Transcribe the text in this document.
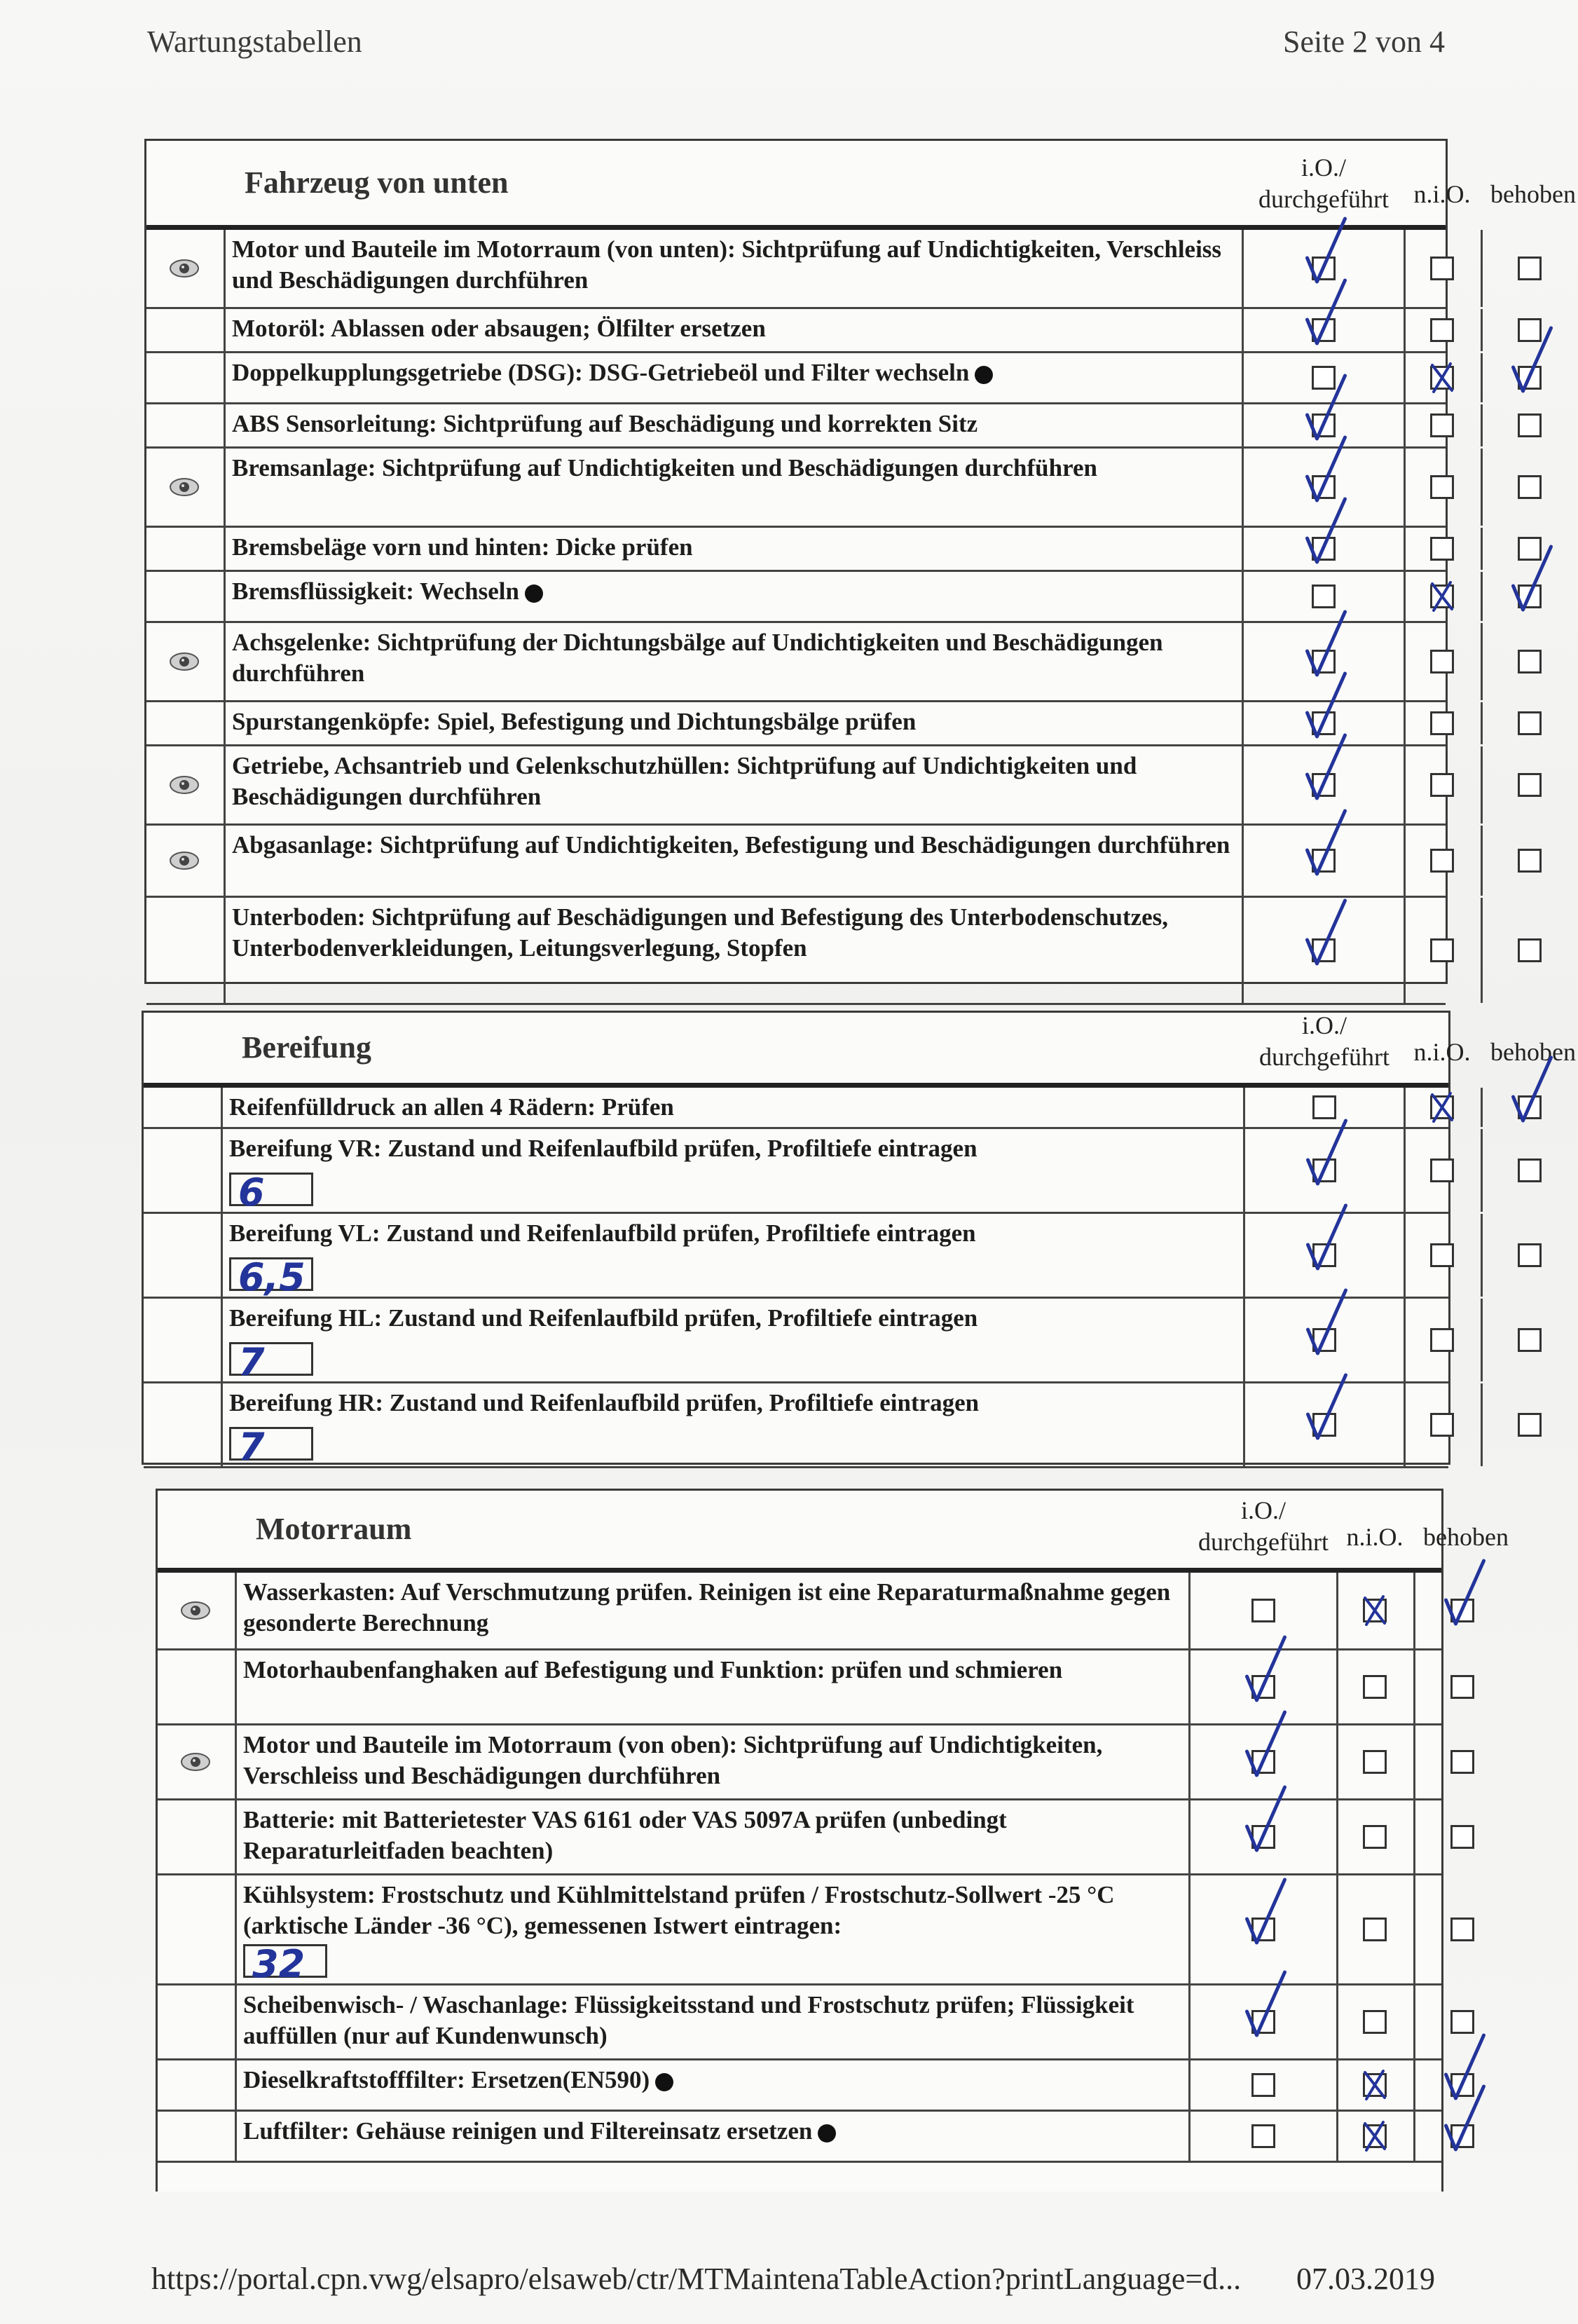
Wartungstabellen	Seite 2 von 4
Fahrzeug von unten	i.O./ durchgeführt n.i.O. behoben
Motor und Bauteile im Motorraum (von unten): Sichtprüfung auf Undichtigkeiten, Verschleiss und Beschädigungen durchführen
Motoröl: Ablassen oder absaugen; Ölfilter ersetzen
Doppelkupplungsgetriebe (DSG): DSG-Getriebeöl und Filter wechseln
ABS Sensorleitung: Sichtprüfung auf Beschädigung und korrekten Sitz
Bremsanlage: Sichtprüfung auf Undichtigkeiten und Beschädigungen durchführen
Bremsbeläge vorn und hinten: Dicke prüfen
Bremsflüssigkeit: Wechseln
Achsgelenke: Sichtprüfung der Dichtungsbälge auf Undichtigkeiten und Beschädigungen durchführen
Spurstangenköpfe: Spiel, Befestigung und Dichtungsbälge prüfen
Getriebe, Achsantrieb und Gelenkschutzhüllen: Sichtprüfung auf Undichtigkeiten und Beschädigungen durchführen
Abgasanlage: Sichtprüfung auf Undichtigkeiten, Befestigung und Beschädigungen durchführen
Unterboden: Sichtprüfung auf Beschädigungen und Befestigung des Unterbodenschutzes, Unterbodenverkleidungen, Leitungsverlegung, Stopfen
Bereifung
i.O./ durchgeführt n.i.O. behoben
Reifenfülldruck an allen 4 Rädern: Prüfen
Bereifung VR: Zustand und Reifenlaufbild prüfen, Profiltiefe eintragen
6
Bereifung VL: Zustand und Reifenlaufbild prüfen, Profiltiefe eintragen
6,5
Bereifung HL: Zustand und Reifenlaufbild prüfen, Profiltiefe eintragen
7
Bereifung HR: Zustand und Reifenlaufbild prüfen, Profiltiefe eintragen
7
Motorraum
i.O./ durchgeführt n.i.O. behoben
Wasserkasten: Auf Verschmutzung prüfen. Reinigen ist eine Reparaturmaßnahme gegen gesonderte Berechnung
Motorhaubenfanghaken auf Befestigung und Funktion: prüfen und schmieren
Motor und Bauteile im Motorraum (von oben): Sichtprüfung auf Undichtigkeiten, Verschleiss und Beschädigungen durchführen
Batterie: mit Batterietester VAS 6161 oder VAS 5097A prüfen (unbedingt Reparaturleitfaden beachten)
Kühlsystem: Frostschutz und Kühlmittelstand prüfen / Frostschutz-Sollwert -25 °C (arktische Länder -36 °C), gemessenen Istwert eintragen:
32
Scheibenwisch- / Waschanlage: Flüssigkeitsstand und Frostschutz prüfen; Flüssigkeit auffüllen (nur auf Kundenwunsch)
Dieselkraftstofffilter: Ersetzen(EN590)
Luftfilter: Gehäuse reinigen und Filtereinsatz ersetzen
https://portal.cpn.vwg/elsapro/elsaweb/ctr/MTMaintenaTableAction?printLanguage=d... 07.03.2019
